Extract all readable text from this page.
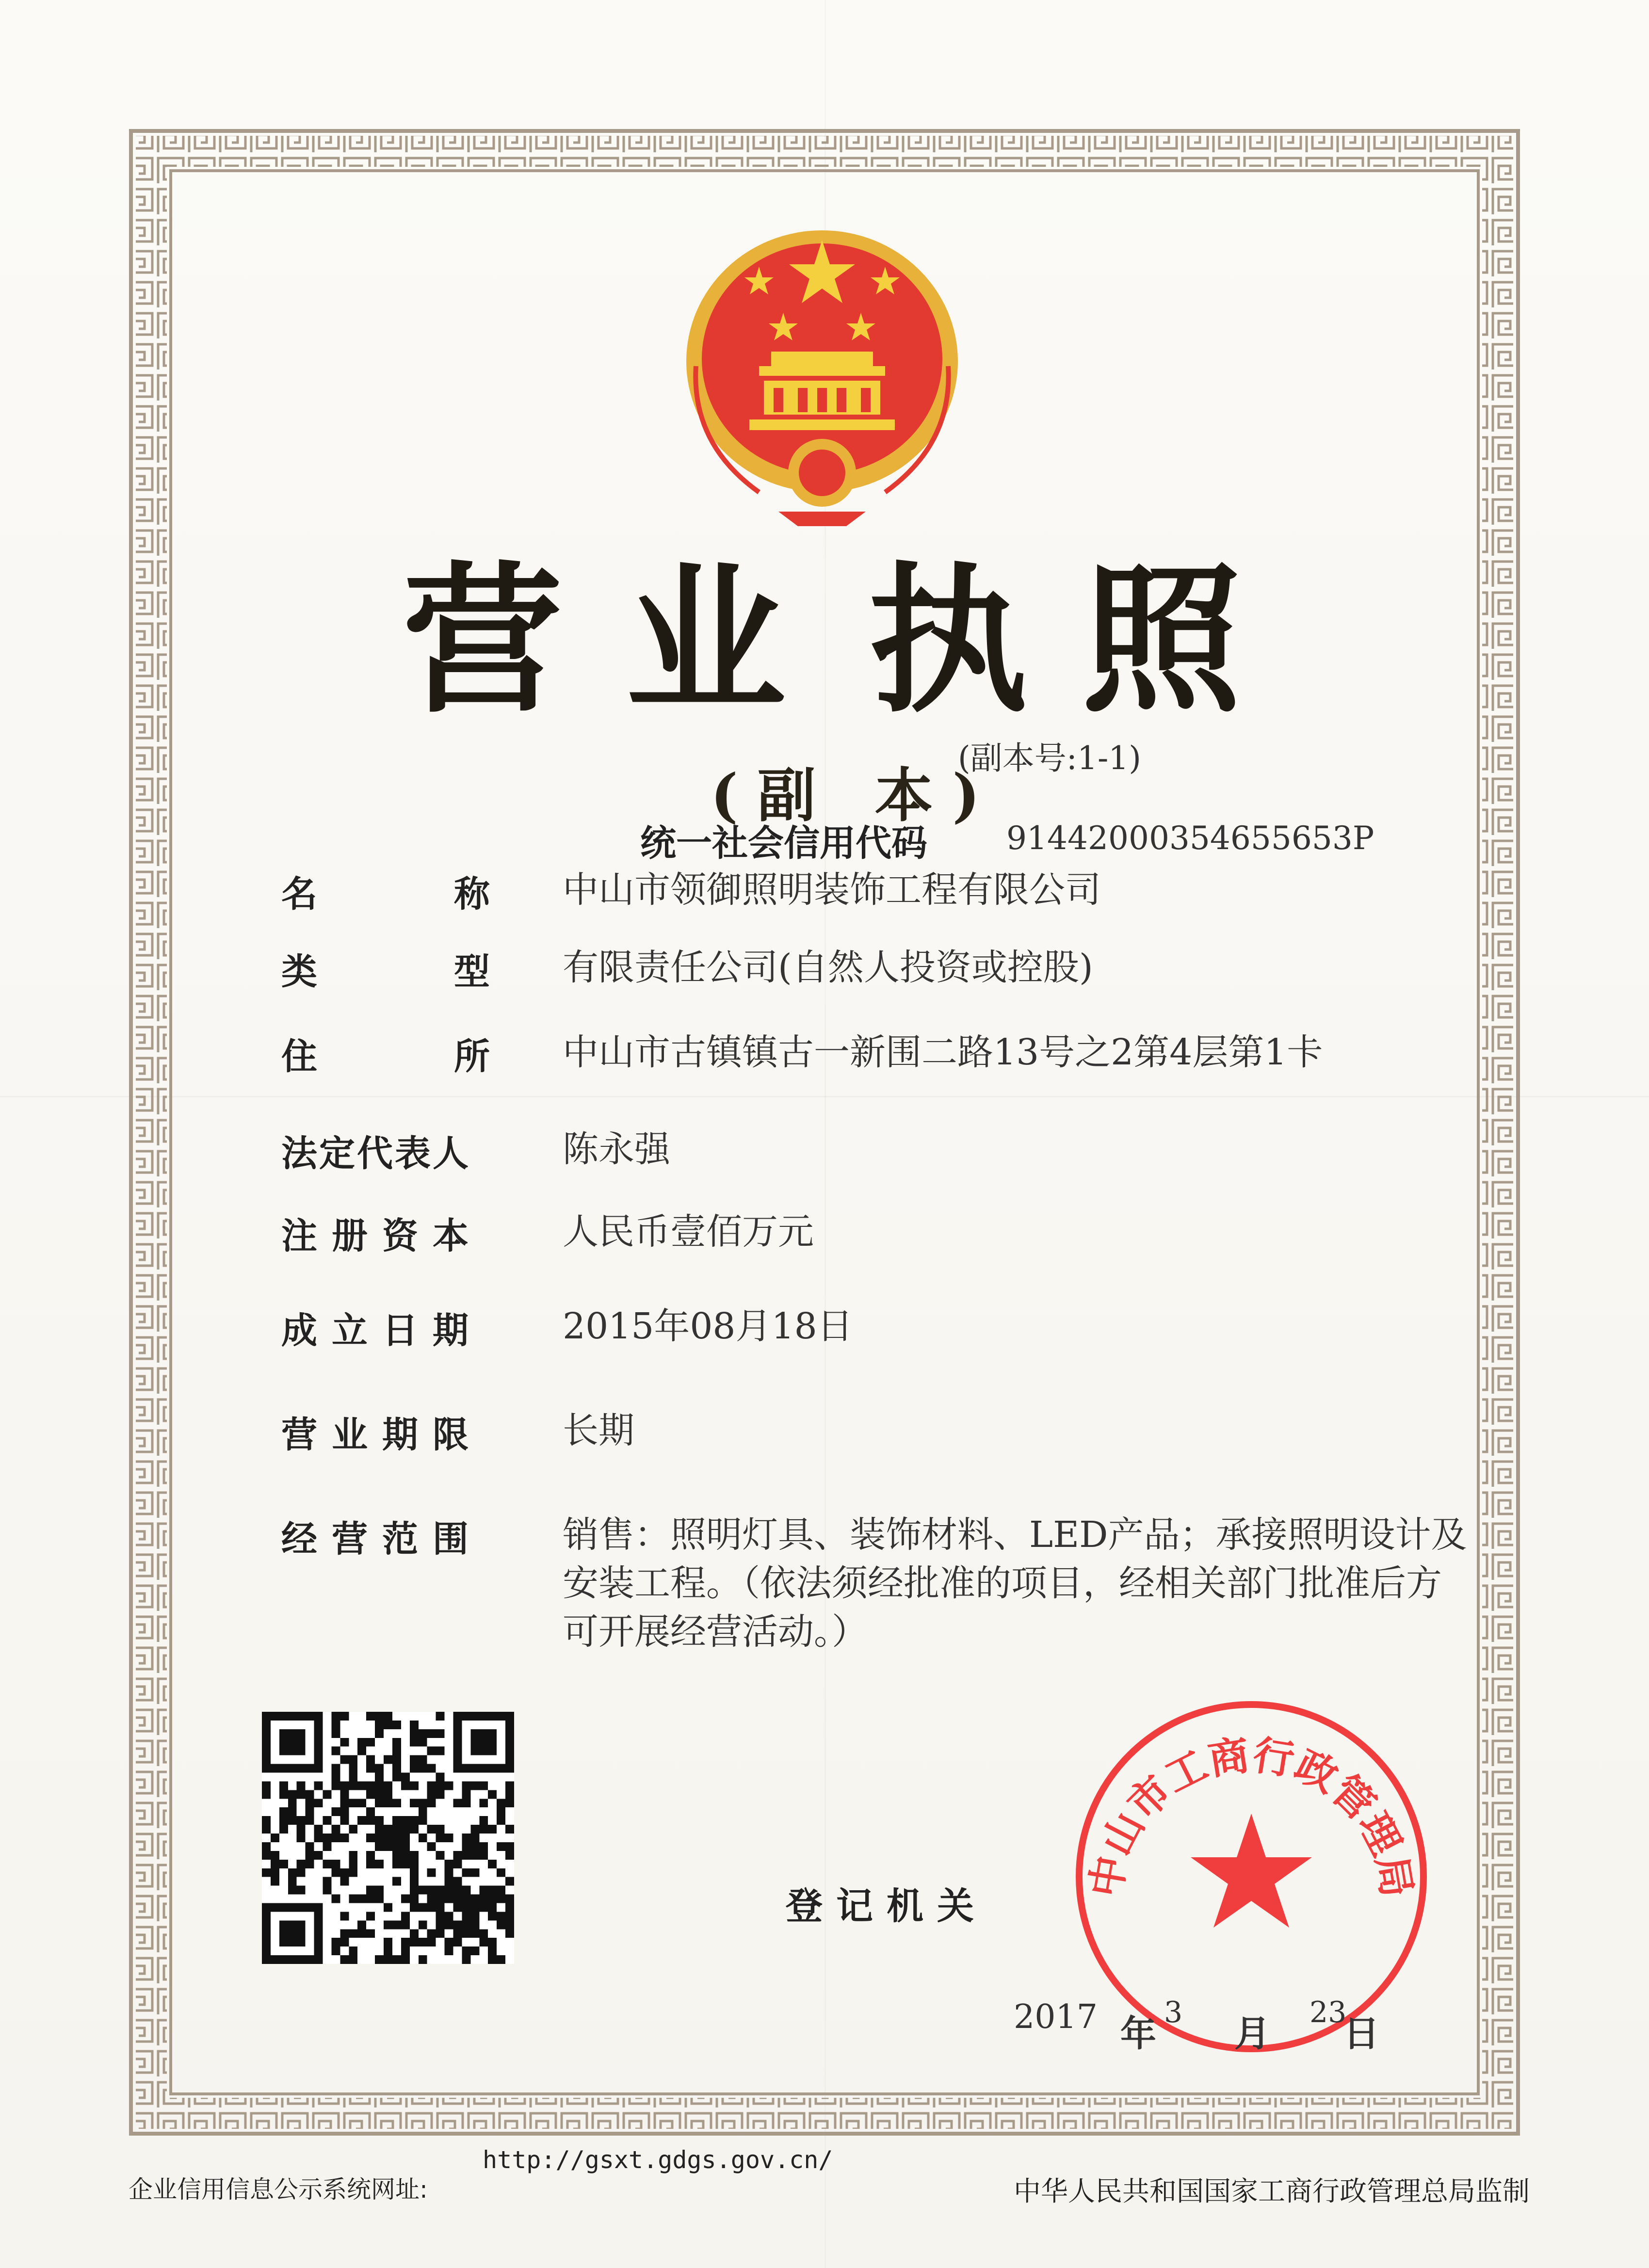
营 业 执 照
(副 本)
(副本号:1-1)
统一社会信用代码 91442000354655653P
名	称 中山市领御照明装饰工程有限公司
类	型 有限责任公司(自然人投资或控股)
住	所 中山市古镇镇古一新围二路13号之2第4层第1卡
法定代表人	陈永强
注册资本	人民币壹佰万元
成立日期	2015年08月18日
营业期限	长期
经营范围	销售：照明灯具、装饰材料、LED产品；承接照明设计及安装工程。（依法须经批准的项目，经相关部门批准后方可开展经营活动。）
登记机关
中山市工商行政管理局
2017 年
3
月
23
日
企业信用信息公示系统网址:
http://gsxt.gdgs.gov.cn/
中华人民共和国国家工商行政管理总局监制
